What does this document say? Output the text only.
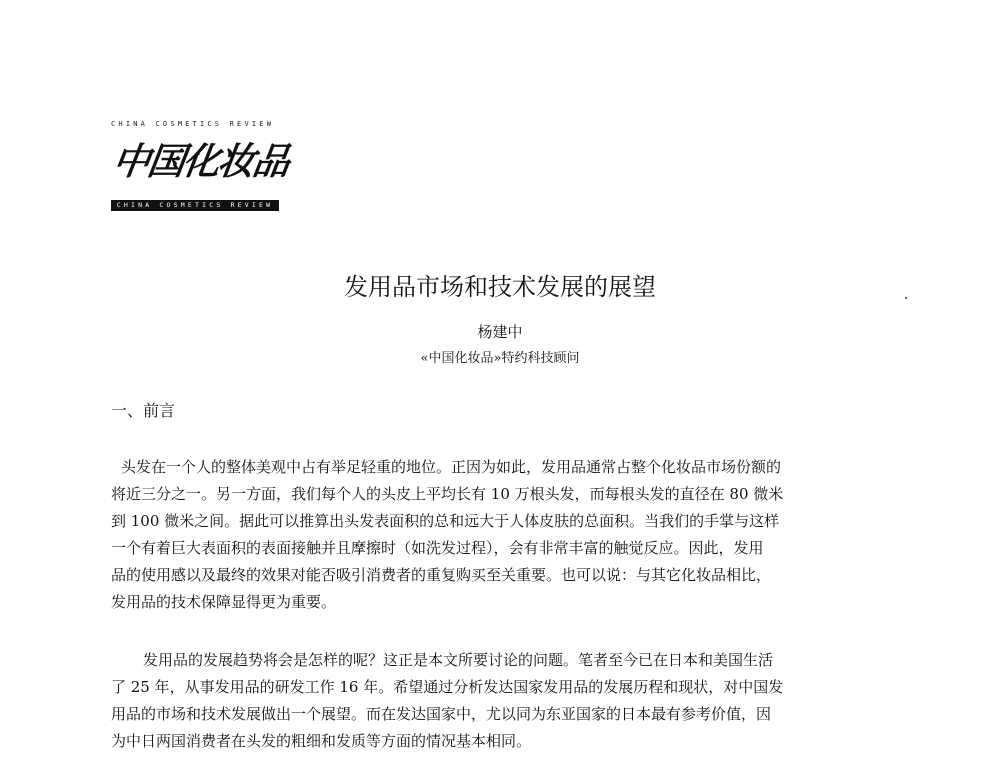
CHINA COSMETICS REVIEW
中国化妆品
CHINA COSMETICS REVIEW
发用品市场和技术发展的展望
杨建中
«中国化妆品»特约科技顾问
一、前言
头发在一个人的整体美观中占有举足轻重的地位。正因为如此，发用品通常占整个化妆品市场份额的
将近三分之一。另一方面，我们每个人的头皮上平均长有 10 万根头发，而每根头发的直径在 80 微米
到 100 微米之间。据此可以推算出头发表面积的总和远大于人体皮肤的总面积。当我们的手掌与这样
一个有着巨大表面积的表面接触并且摩擦时（如洗发过程），会有非常丰富的触觉反应。因此，发用
品的使用感以及最终的效果对能否吸引消费者的重复购买至关重要。也可以说：与其它化妆品相比，
发用品的技术保障显得更为重要。
发用品的发展趋势将会是怎样的呢？这正是本文所要讨论的问题。笔者至今已在日本和美国生活
了 25 年，从事发用品的研发工作 16 年。希望通过分析发达国家发用品的发展历程和现状，对中国发
用品的市场和技术发展做出一个展望。而在发达国家中，尤以同为东亚国家的日本最有参考价值，因
为中日两国消费者在头发的粗细和发质等方面的情况基本相同。
